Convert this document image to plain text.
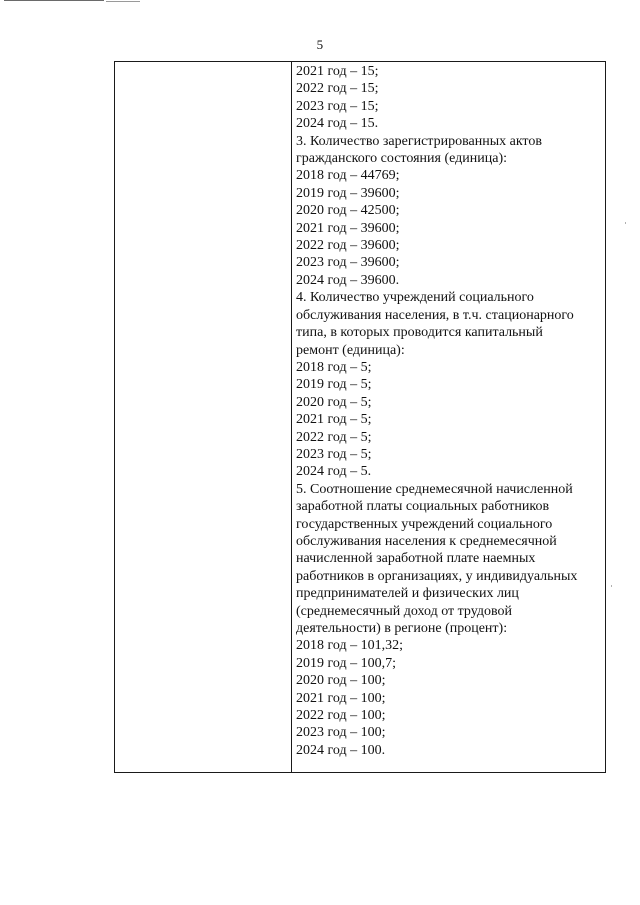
5
2021 год – 15;
2022 год – 15;
2023 год – 15;
2024 год – 15.
3. Количество зарегистрированных актов
гражданского состояния (единица):
2018 год – 44769;
2019 год – 39600;
2020 год – 42500;
2021 год – 39600;
2022 год – 39600;
2023 год – 39600;
2024 год – 39600.
4. Количество учреждений социального
обслуживания населения, в т.ч. стационарного
типа, в которых проводится капитальный
ремонт (единица):
2018 год – 5;
2019 год – 5;
2020 год – 5;
2021 год – 5;
2022 год – 5;
2023 год – 5;
2024 год – 5.
5. Соотношение среднемесячной начисленной
заработной платы социальных работников
государственных учреждений социального
обслуживания населения к среднемесячной
начисленной заработной плате наемных
работников в организациях, у индивидуальных
предпринимателей и физических лиц
(среднемесячный доход от трудовой
деятельности) в регионе (процент):
2018 год – 101,32;
2019 год – 100,7;
2020 год – 100;
2021 год – 100;
2022 год – 100;
2023 год – 100;
2024 год – 100.
